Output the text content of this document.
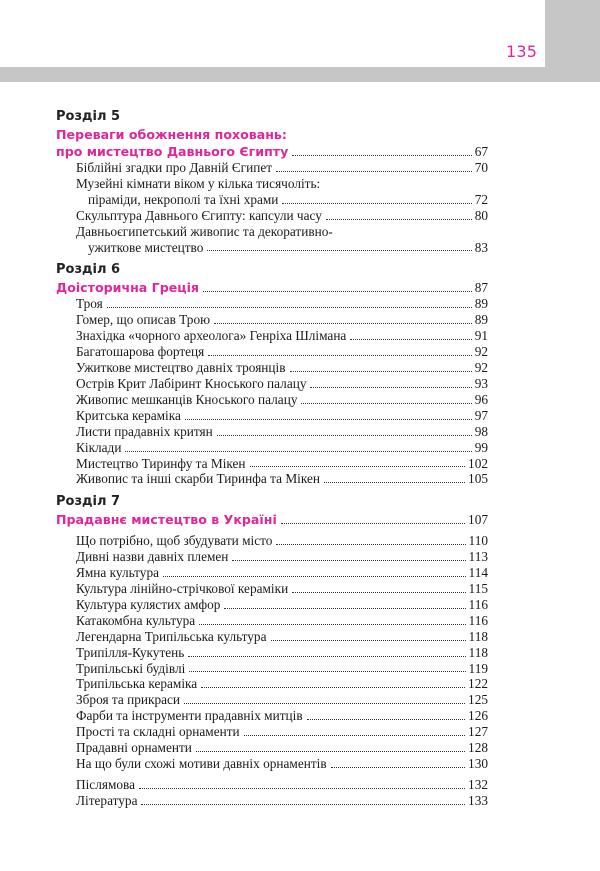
135
Розділ 5
Переваги обожнення поховань:
про мистецтво Давнього Єгипту	67
Біблійні згадки про Давній Єгипет	70
Музейні кімнати віком у кілька тисячоліть:
піраміди, некрополі та їхні храми	72
Скульптура Давнього Єгипту: капсули часу	80
Давньоєгипетський живопис та декоративно-
ужиткове мистецтво	83
Розділ 6
Доісторична Греція	87
Троя	89
Гомер, що описав Трою	89
Знахідка «чорного археолога» Генріха Шлімана	91
Багатошарова фортеця	92
Ужиткове мистецтво давніх троянців	92
Острів Крит Лабіринт Кноського палацу	93
Живопис мешканців Кноського палацу	96
Критська кераміка	97
Листи прадавніх критян	98
Кіклади	99
Мистецтво Тиринфу та Мікен	102
Живопис та інші скарби Тиринфа та Мікен	105
Розділ 7
Прадавнє мистецтво в Україні	107
Що потрібно, щоб збудувати місто	110
Дивні назви давніх племен	113
Ямна культура	114
Культура лінійно-стрічкової кераміки	115
Культура кулястих амфор	116
Катакомбна культура	116
Легендарна Трипільська культура	118
Трипілля-Кукутень	118
Трипільські будівлі	119
Трипільська кераміка	122
Зброя та прикраси	125
Фарби та інструменти прадавніх митців	126
Прості та складні орнаменти	127
Прадавні орнаменти	128
На що були схожі мотиви давніх орнаментів	130
Післямова	132
Література	133
